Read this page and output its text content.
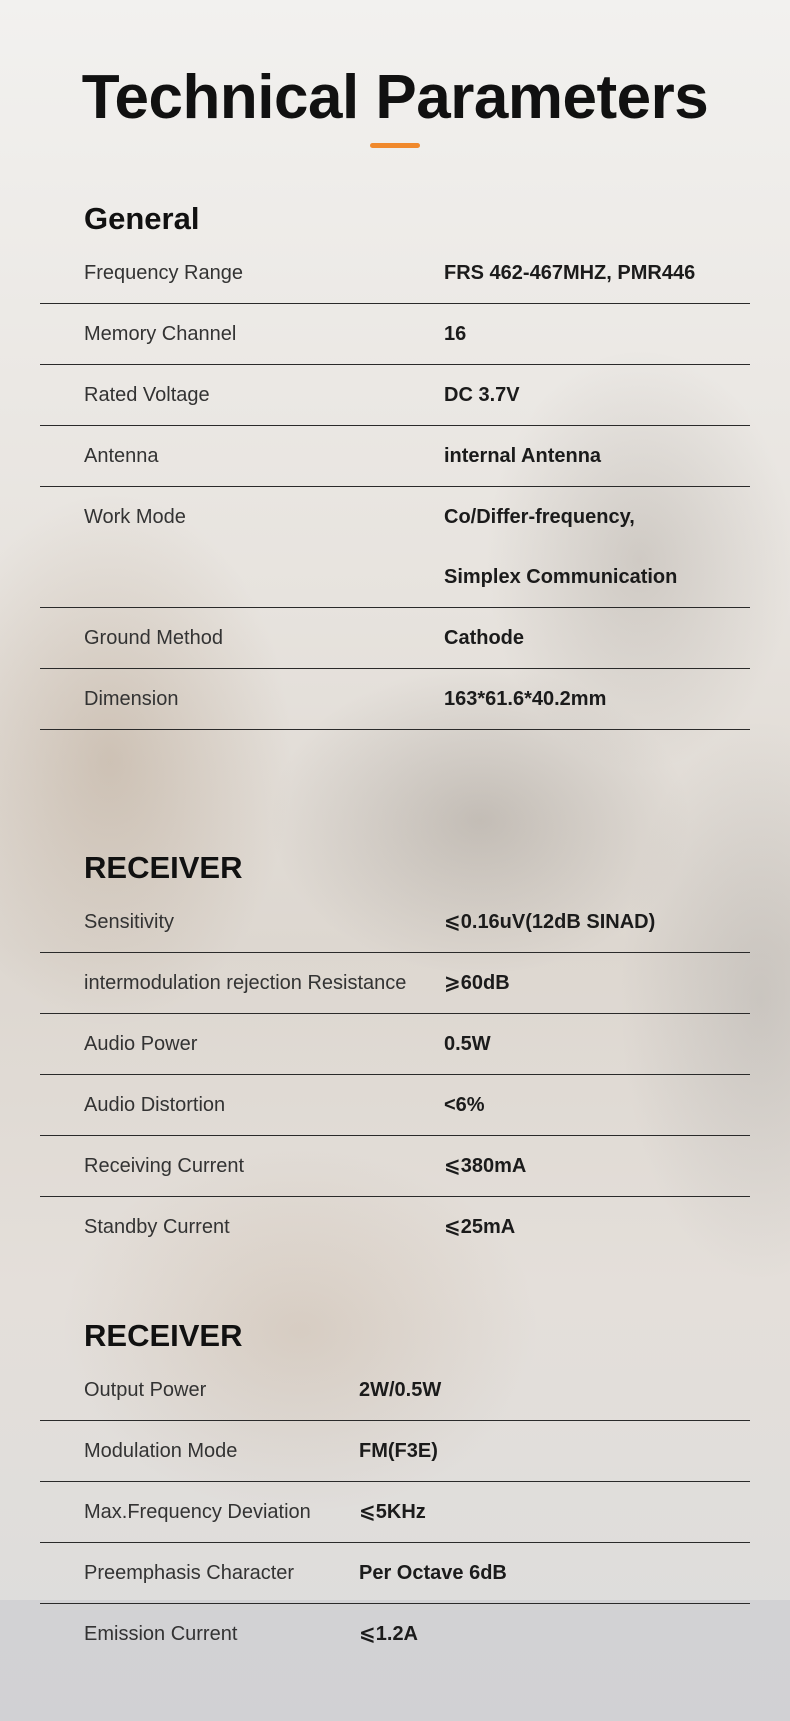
Technical Parameters
General
Frequency Range	FRS 462-467MHZ, PMR446
Memory Channel	16
Rated Voltage	DC 3.7V
Antenna	internal Antenna
Work Mode	Co/Differ-frequency,
Simplex Communication
Ground Method	Cathode
Dimension	163*61.6*40.2mm
RECEIVER
Sensitivity	⩽0.16uV(12dB SINAD)
intermodulation rejection Resistance	⩾60dB
Audio Power	0.5W
Audio Distortion	<6%
Receiving Current	⩽380mA
Standby Current	⩽25mA
RECEIVER
Output Power	2W/0.5W
Modulation Mode	FM(F3E)
Max.Frequency Deviation	⩽5KHz
Preemphasis Character	Per Octave 6dB
Emission Current	⩽1.2A
